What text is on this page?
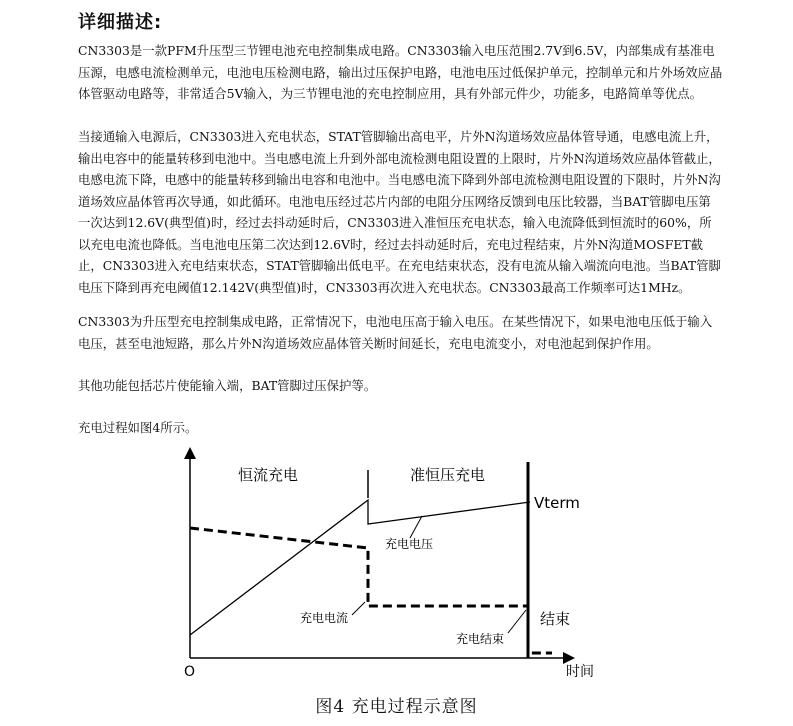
详细描述:

CN3303是一款PFM升压型三节锂电池充电控制集成电路。CN3303输入电压范围2.7V到6.5V，内部集成有基准电压源，电感电流检测单元，电池电压检测电路，输出过压保护电路，电池电压过低保护单元，控制单元和片外场效应晶体管驱动电路等，非常适合5V输入，为三节锂电池的充电控制应用，具有外部元件少，功能多，电路简单等优点。

当接通输入电源后，CN3303进入充电状态，STAT管脚输出高电平，片外N沟道场效应晶体管导通，电感电流上升，输出电容中的能量转移到电池中。当电感电流上升到外部电流检测电阻设置的上限时，片外N沟道场效应晶体管截止，电感电流下降，电感中的能量转移到输出电容和电池中。当电感电流下降到外部电流检测电阻设置的下限时，片外N沟道场效应晶体管再次导通，如此循环。电池电压经过芯片内部的电阻分压网络反馈到电压比较器，当BAT管脚电压第一次达到12.6V(典型值)时，经过去抖动延时后，CN3303进入准恒压充电状态，输入电流降低到恒流时的60%，所以充电电流也降低。当电池电压第二次达到12.6V时，经过去抖动延时后，充电过程结束，片外N沟道MOSFET截止，CN3303进入充电结束状态，STAT管脚输出低电平。在充电结束状态，没有电流从输入端流向电池。当BAT管脚电压下降到再充电阈值12.142V(典型值)时，CN3303再次进入充电状态。CN3303最高工作频率可达1MHz。

CN3303为升压型充电控制集成电路，正常情况下，电池电压高于输入电压。在某些情况下，如果电池电压低于输入电压，甚至电池短路，那么片外N沟道场效应晶体管关断时间延长，充电电流变小，对电池起到保护作用。

其他功能包括芯片使能输入端，BAT管脚过压保护等。

充电过程如图4所示。

恒流充电	准恒压充电
Vterm
充电电压
充电电流
充电结束
结束
O	时间
图4 充电过程示意图
